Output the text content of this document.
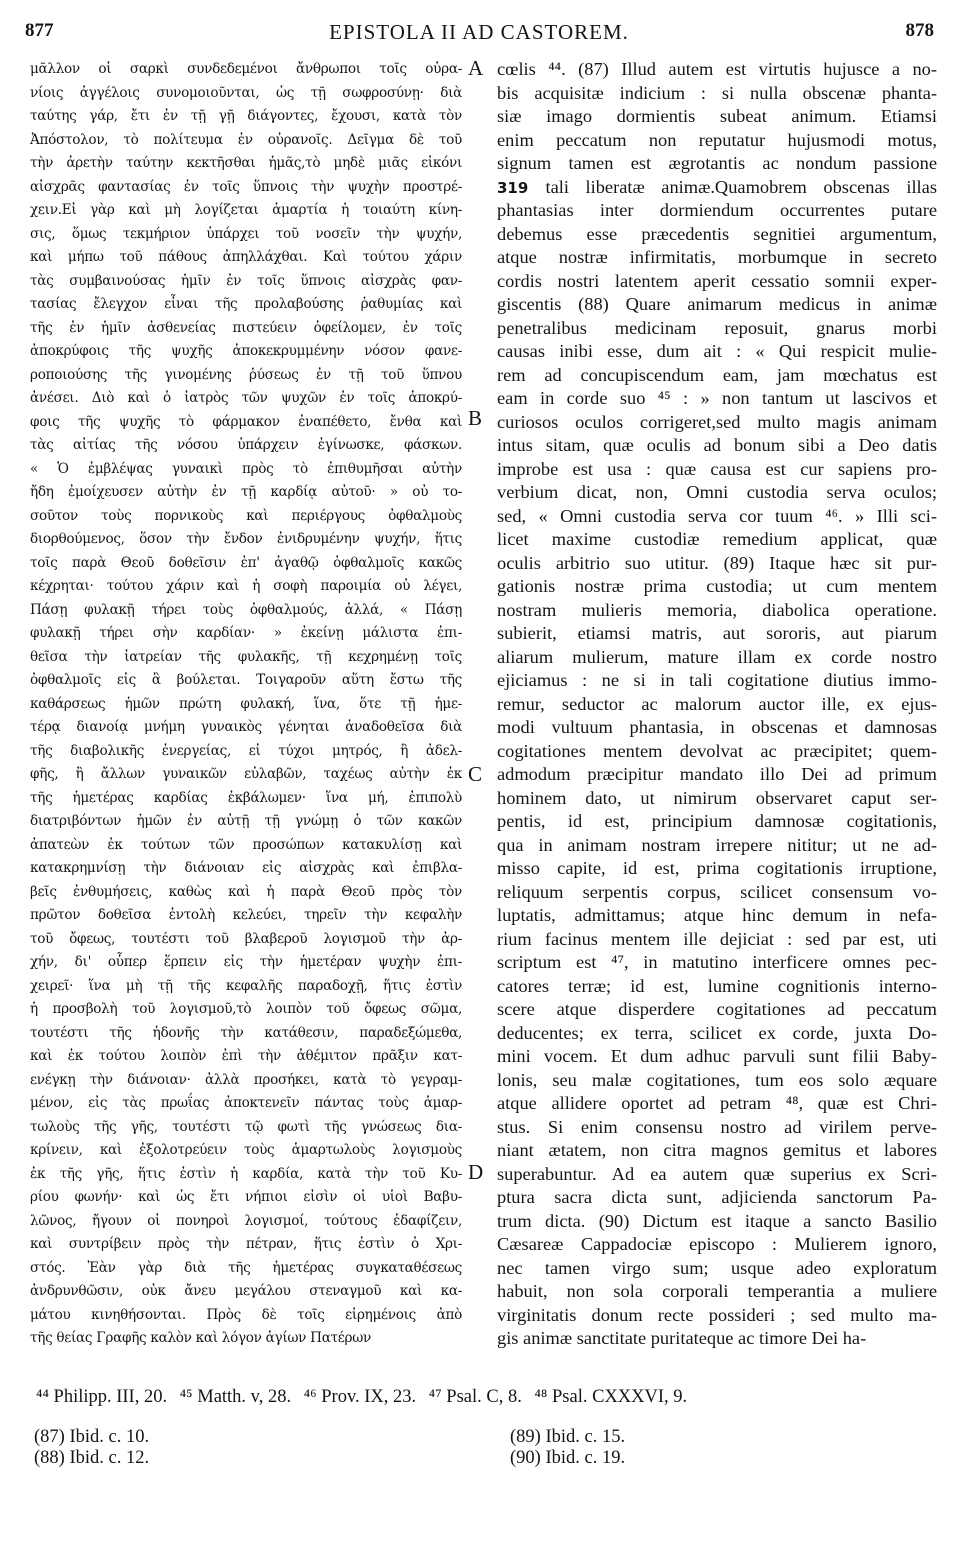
877	EPISTOLA II AD CASTOREM.	878
μᾶλλον οἱ σαρκὶ συνδεδεμένοι ἄνθρωποι τοῖς οὐρα-
νίοις ἀγγέλοις συνομοιοῦνται, ὡς τῇ σωφροσύνῃ· διὰ
ταύτης γάρ, ἔτι ἐν τῇ γῇ διάγοντες, ἔχουσι, κατὰ τὸν
Ἀπόστολον, τὸ πολίτευμα ἐν οὐρανοῖς. Δεῖγμα δὲ τοῦ
τὴν ἀρετὴν ταύτην κεκτῆσθαι ἡμᾶς,τὸ μηδὲ μιᾶς εἰκόνι
αἰσχρᾶς φαντασίας ἐν τοῖς ὕπνοις τὴν ψυχὴν προστρέ-
χειν.Εἰ γὰρ καὶ μὴ λογίζεται ἁμαρτία ἡ τοιαύτη κίνη-
σις, ὅμως τεκμήριον ὑπάρχει τοῦ νοσεῖν τὴν ψυχήν,
καὶ μήπω τοῦ πάθους ἀπηλλάχθαι. Καὶ τούτου χάριν
τὰς συμβαινούσας ἡμῖν ἐν τοῖς ὕπνοις αἰσχρὰς φαν-
τασίας ἔλεγχον εἶναι τῆς προλαβούσης ῥαθυμίας καὶ
τῆς ἐν ἡμῖν ἀσθενείας πιστεύειν ὀφείλομεν, ἐν τοῖς
ἀποκρύφοις τῆς ψυχῆς ἀποκεκρυμμένην νόσον φανε-
ροποιούσης τῆς γινομένης ῥύσεως ἐν τῇ τοῦ ὕπνου
ἀνέσει. Διὸ καὶ ὁ ἰατρὸς τῶν ψυχῶν ἐν τοῖς ἀποκρύ-
φοις τῆς ψυχῆς τὸ φάρμακον ἐναπέθετο, ἔνθα καὶ
τὰς αἰτίας τῆς νόσου ὑπάρχειν ἐγίνωσκε, φάσκων.
« Ὁ ἐμβλέψας γυναικὶ πρὸς τὸ ἐπιθυμῆσαι αὐτὴν
ἤδη ἐμοίχευσεν αὐτὴν ἐν τῇ καρδίᾳ αὐτοῦ· » οὐ το-
σοῦτον τοὺς πορνικοὺς καὶ περιέργους ὀφθαλμοὺς
διορθούμενος, ὅσον τὴν ἔνδον ἐνιδρυμένην ψυχήν, ἥτις
τοῖς παρὰ Θεοῦ δοθεῖσιν ἐπ' ἀγαθῷ ὀφθαλμοῖς κακῶς
κέχρηται· τούτου χάριν καὶ ἡ σοφὴ παροιμία οὐ λέγει,
Πάσῃ φυλακῇ τήρει τοὺς ὀφθαλμούς, ἀλλά, « Πάσῃ
φυλακῇ τήρει σὴν καρδίαν· » ἐκείνῃ μάλιστα ἐπι-
θεῖσα τὴν ἰατρείαν τῆς φυλακῆς, τῇ κεχρημένῃ τοῖς
ὀφθαλμοῖς εἰς ἃ βούλεται. Τοιγαροῦν αὕτη ἔστω τῆς
καθάρσεως ἡμῶν πρώτη φυλακή, ἵνα, ὅτε τῇ ἡμε-
τέρᾳ διανοίᾳ μνήμη γυναικὸς γένηται ἀναδοθεῖσα διὰ
τῆς διαβολικῆς ἐνεργείας, εἰ τύχοι μητρός, ἢ ἀδελ-
φῆς, ἢ ἄλλων γυναικῶν εὐλαβῶν, ταχέως αὐτὴν ἐκ
τῆς ἡμετέρας καρδίας ἐκβάλωμεν· ἵνα μή, ἐπιπολὺ
διατριβόντων ἡμῶν ἐν αὐτῇ τῇ γνώμῃ ὁ τῶν κακῶν
ἀπατεὼν ἐκ τούτων τῶν προσώπων κατακυλίσῃ καὶ
κατακρημνίσῃ τὴν διάνοιαν εἰς αἰσχρὰς καὶ ἐπιβλα-
βεῖς ἐνθυμήσεις, καθὼς καὶ ἡ παρὰ Θεοῦ πρὸς τὸν
πρῶτον δοθεῖσα ἐντολὴ κελεύει, τηρεῖν τὴν κεφαλὴν
τοῦ ὄφεως, τουτέστι τοῦ βλαβεροῦ λογισμοῦ τὴν ἀρ-
χήν, δι' οὗπερ ἕρπειν εἰς τὴν ἡμετέραν ψυχὴν ἐπι-
χειρεῖ· ἵνα μὴ τῇ τῆς κεφαλῆς παραδοχῇ, ἥτις ἐστὶν
ἡ προσβολὴ τοῦ λογισμοῦ,τὸ λοιπὸν τοῦ ὄφεως σῶμα,
τουτέστι τῆς ἡδονῆς τὴν κατάθεσιν, παραδεξώμεθα,
καὶ ἐκ τούτου λοιπὸν ἐπὶ τὴν ἀθέμιτον πρᾶξιν κατ-
ενέγκῃ τὴν διάνοιαν· ἀλλὰ προσήκει, κατὰ τὸ γεγραμ-
μένον, εἰς τὰς πρωΐας ἀποκτενεῖν πάντας τοὺς ἁμαρ-
τωλοὺς τῆς γῆς, τουτέστι τῷ φωτὶ τῆς γνώσεως δια-
κρίνειν, καὶ ἐξολοτρεύειν τοὺς ἁμαρτωλοὺς λογισμοὺς
ἐκ τῆς γῆς, ἥτις ἐστὶν ἡ καρδία, κατὰ τὴν τοῦ Κυ-
ρίου φωνήν· καὶ ὡς ἔτι νήπιοι εἰσὶν οἱ υἱοὶ Βαβυ-
λῶνος, ἤγουν οἱ πονηροὶ λογισμοί, τούτους ἐδαφίζειν,
καὶ συντρίβειν πρὸς τὴν πέτραν, ἥτις ἐστὶν ὁ Χρι-
στός. Ἐὰν γὰρ διὰ τῆς ἡμετέρας συγκαταθέσεως
ἀνδρυνθῶσιν, οὐκ ἄνευ μεγάλου στεναγμοῦ καὶ κα-
μάτου κινηθήσονται. Πρὸς δὲ τοῖς εἰρημένοις ἀπὸ
τῆς θείας Γραφῆς καλὸν καὶ λόγον ἁγίων Πατέρων
cœlis ⁴⁴. (87) Illud autem est virtutis hujusce a no-
bis acquisitæ indicium : si nulla obscenæ phanta-
siæ imago dormientis subeat animum. Etiamsi
enim peccatum non reputatur hujusmodi motus,
signum tamen est ægrotantis ac nondum passione
319 tali liberatæ animæ.Quamobrem obscenas illas
phantasias inter dormiendum occurrentes putare
debemus esse præcedentis segnitiei argumentum,
atque nostræ infirmitatis, morbumque in secreto
cordis nostri latentem aperit cessatio somnii exper-
giscentis (88) Quare animarum medicus in animæ
penetralibus medicinam reposuit, gnarus morbi
causas inibi esse, dum ait : « Qui respicit mulie-
rem ad concupiscendum eam, jam mœchatus est
eam in corde suo ⁴⁵ : » non tantum ut lascivos et
curiosos oculos corrigeret,sed multo magis animam
intus sitam, quæ oculis ad bonum sibi a Deo datis
improbe est usa : quæ causa est cur sapiens pro-
verbium dicat, non, Omni custodia serva oculos;
sed, « Omni custodia serva cor tuum ⁴⁶. » Illi sci-
licet maxime custodiæ remedium applicat, quæ
oculis arbitrio suo utitur. (89) Itaque hæc sit pur-
gationis nostræ prima custodia; ut cum mentem
nostram mulieris memoria, diabolica operatione.
subierit, etiamsi matris, aut sororis, aut piarum
aliarum mulierum, mature illam ex corde nostro
ejiciamus : ne si in tali cogitatione diutius immo-
remur, seductor ac malorum auctor ille, ex ejus-
modi vultuum phantasia, in obscenas et damnosas
cogitationes mentem devolvat ac præcipitet; quem-
admodum præcipitur mandato illo Dei ad primum
hominem dato, ut nimirum observaret caput ser-
pentis, id est, principium damnosæ cogitationis,
qua in animam nostram irrepere nititur; ut ne ad-
misso capite, id est, prima cogitationis irruptione,
reliquum serpentis corpus, scilicet consensum vo-
luptatis, admittamus; atque hinc demum in nefa-
rium facinus mentem ille dejiciat : sed par est, uti
scriptum est ⁴⁷, in matutino interficere omnes pec-
catores terræ; id est, lumine cognitionis interno-
scere atque disperdere cogitationes ad peccatum
deducentes; ex terra, scilicet ex corde, juxta Do-
mini vocem. Et dum adhuc parvuli sunt filii Baby-
lonis, seu malæ cogitationes, tum eos solo æquare
atque allidere oportet ad petram ⁴⁸, quæ est Chri-
stus. Si enim consensu nostro ad virilem perve-
niant ætatem, non citra magnos gemitus et labores
superabuntur. Ad ea autem quæ superius ex Scri-
ptura sacra dicta sunt, adjicienda sanctorum Pa-
trum dicta. (90) Dictum est itaque a sancto Basilio
Cæsareæ Cappadociæ episcopo : Mulierem ignoro,
nec tamen virgo sum; usque adeo exploratum
habuit, non sola corporali temperantia a muliere
virginitatis donum recte possideri ; sed multo ma-
gis animæ sanctitate puritateque ac timore Dei ha-
A
B
C
D
⁴⁴ Philipp. III, 20. ⁴⁵ Matth. v, 28. ⁴⁶ Prov. IX, 23. ⁴⁷ Psal. C, 8. ⁴⁸ Psal. CXXXVI, 9.
(87) Ibid. c. 10.
(88) Ibid. c. 12.
(89) Ibid. c. 15.
(90) Ibid. c. 19.
